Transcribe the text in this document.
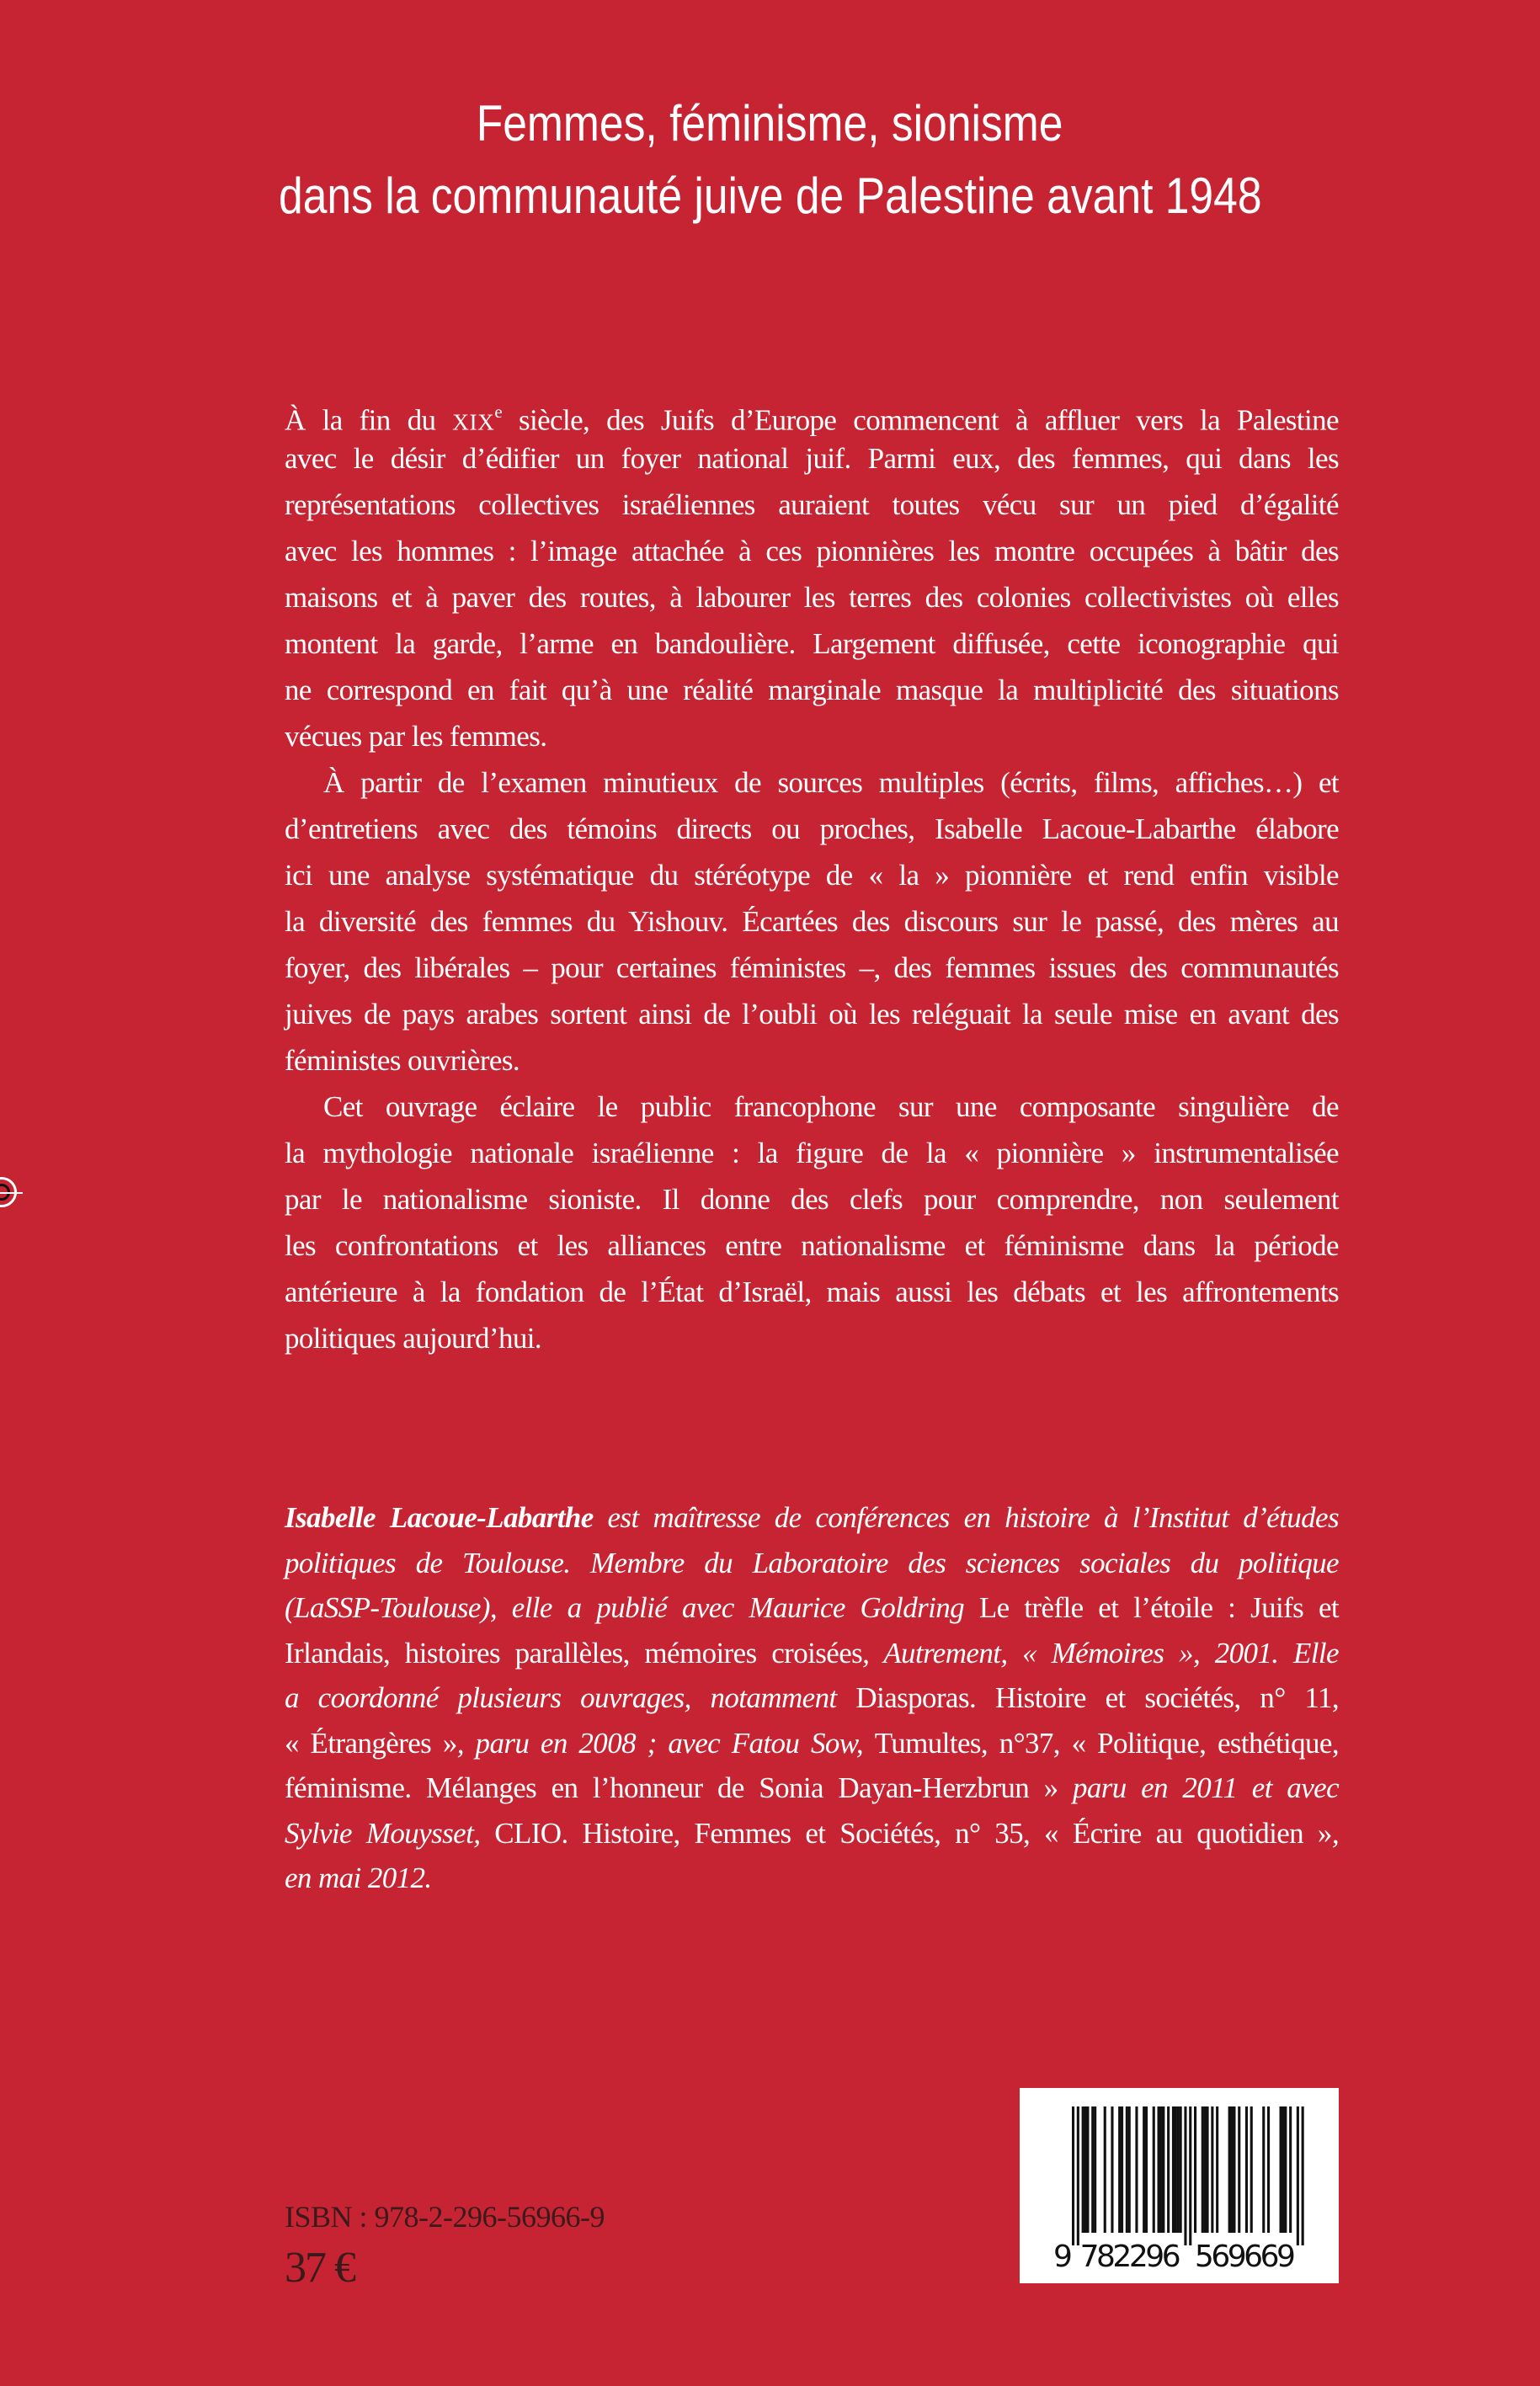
Femmes, féminisme, sionisme
dans la communauté juive de Palestine avant 1948
À la fin du XIXe siècle, des Juifs d’Europe commencent à affluer vers la Palestine
avec le désir d’édifier un foyer national juif. Parmi eux, des femmes, qui dans les
représentations collectives israéliennes auraient toutes vécu sur un pied d’égalité
avec les hommes : l’image attachée à ces pionnières les montre occupées à bâtir des
maisons et à paver des routes, à labourer les terres des colonies collectivistes où elles
montent la garde, l’arme en bandoulière. Largement diffusée, cette iconographie qui
ne correspond en fait qu’à une réalité marginale masque la multiplicité des situations
vécues par les femmes.
À partir de l’examen minutieux de sources multiples (écrits, films, affiches…) et
d’entretiens avec des témoins directs ou proches, Isabelle Lacoue-Labarthe élabore
ici une analyse systématique du stéréotype de « la » pionnière et rend enfin visible
la diversité des femmes du Yishouv. Écartées des discours sur le passé, des mères au
foyer, des libérales – pour certaines féministes –, des femmes issues des communautés
juives de pays arabes sortent ainsi de l’oubli où les reléguait la seule mise en avant des
féministes ouvrières.
Cet ouvrage éclaire le public francophone sur une composante singulière de
la mythologie nationale israélienne : la figure de la « pionnière » instrumentalisée
par le nationalisme sioniste. Il donne des clefs pour comprendre, non seulement
les confrontations et les alliances entre nationalisme et féminisme dans la période
antérieure à la fondation de l’État d’Israël, mais aussi les débats et les affrontements
politiques aujourd’hui.
Isabelle Lacoue-Labarthe est maîtresse de conférences en histoire à l’Institut d’études
politiques de Toulouse. Membre du Laboratoire des sciences sociales du politique
(LaSSP-Toulouse), elle a publié avec Maurice Goldring Le trèfle et l’étoile : Juifs et
Irlandais, histoires parallèles, mémoires croisées, Autrement, « Mémoires », 2001. Elle
a coordonné plusieurs ouvrages, notamment Diasporas. Histoire et sociétés, n° 11,
« Étrangères », paru en 2008 ; avec Fatou Sow, Tumultes, n°37, « Politique, esthétique,
féminisme. Mélanges en l’honneur de Sonia Dayan-Herzbrun » paru en 2011 et avec
Sylvie Mouysset, CLIO. Histoire, Femmes et Sociétés, n° 35, « Écrire au quotidien »,
en mai 2012.
ISBN : 978-2-296-56966-9
37 €	9 782296 569669
